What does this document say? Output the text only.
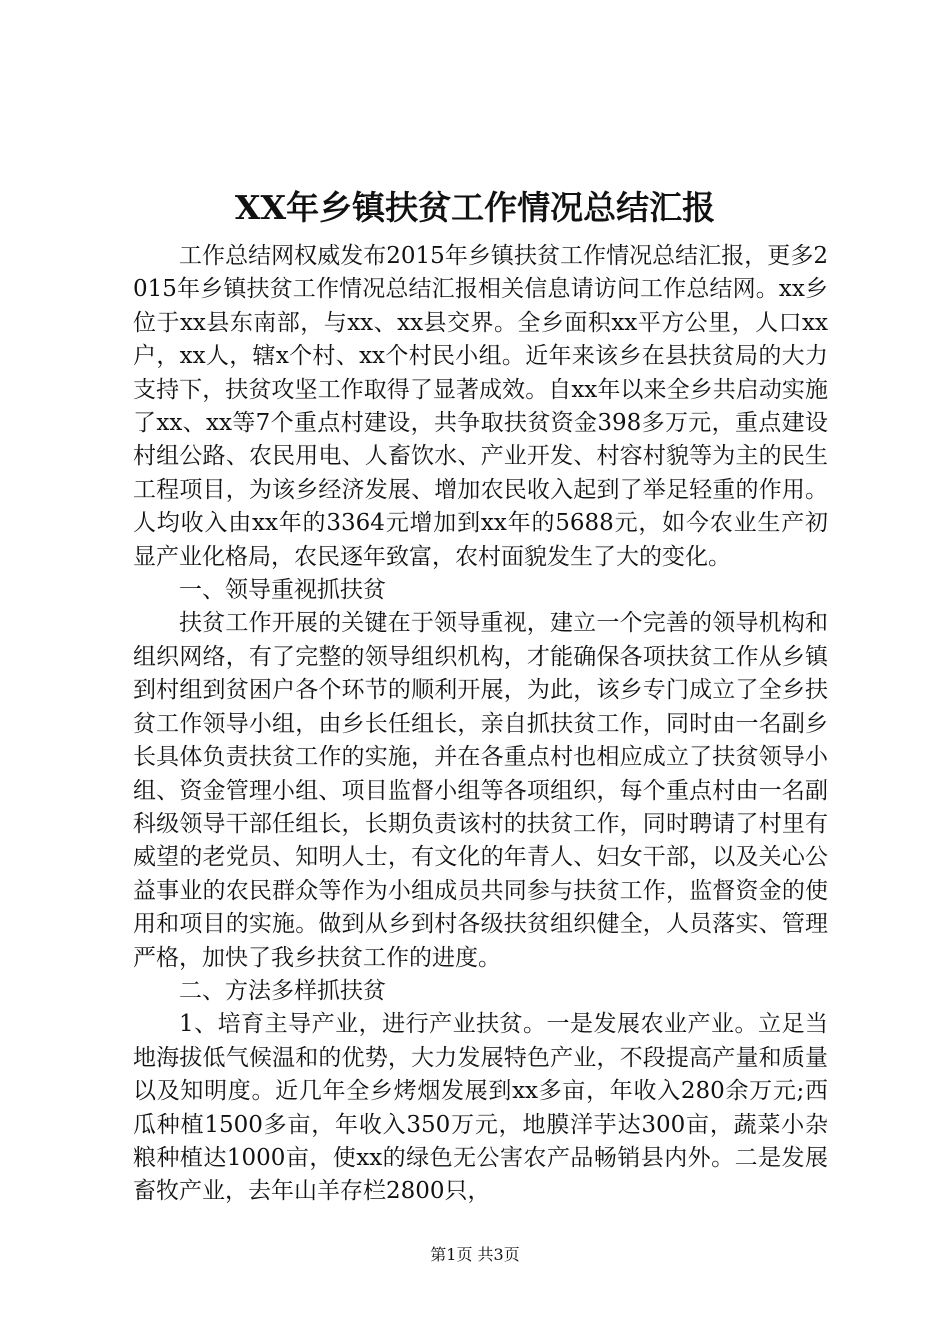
XX年乡镇扶贫工作情况总结汇报

工作总结网权威发布2015年乡镇扶贫工作情况总结汇报，更多2015年乡镇扶贫工作情况总结汇报相关信息请访问工作总结网。xx乡位于xx县东南部，与xx、xx县交界。全乡面积xx平方公里，人口xx户，xx人，辖x个村、xx个村民小组。近年来该乡在县扶贫局的大力支持下，扶贫攻坚工作取得了显著成效。自xx年以来全乡共启动实施了xx、xx等7个重点村建设，共争取扶贫资金398多万元，重点建设村组公路、农民用电、人畜饮水、产业开发、村容村貌等为主的民生工程项目，为该乡经济发展、增加农民收入起到了举足轻重的作用。人均收入由xx年的3364元增加到xx年的5688元，如今农业生产初显产业化格局，农民逐年致富，农村面貌发生了大的变化。

一、领导重视抓扶贫

扶贫工作开展的关键在于领导重视，建立一个完善的领导机构和组织网络，有了完整的领导组织机构，才能确保各项扶贫工作从乡镇到村组到贫困户各个环节的顺利开展，为此，该乡专门成立了全乡扶贫工作领导小组，由乡长任组长，亲自抓扶贫工作，同时由一名副乡长具体负责扶贫工作的实施，并在各重点村也相应成立了扶贫领导小组、资金管理小组、项目监督小组等各项组织，每个重点村由一名副科级领导干部任组长，长期负责该村的扶贫工作，同时聘请了村里有威望的老党员、知明人士，有文化的年青人、妇女干部，以及关心公益事业的农民群众等作为小组成员共同参与扶贫工作，监督资金的使用和项目的实施。做到从乡到村各级扶贫组织健全，人员落实、管理严格，加快了我乡扶贫工作的进度。

二、方法多样抓扶贫

1、培育主导产业，进行产业扶贫。一是发展农业产业。立足当地海拔低气候温和的优势，大力发展特色产业，不段提高产量和质量以及知明度。近几年全乡烤烟发展到xx多亩，年收入280余万元;西瓜种植1500多亩，年收入350万元，地膜洋芋达300亩，蔬菜小杂粮种植达1000亩，使xx的绿色无公害农产品畅销县内外。二是发展畜牧产业，去年山羊存栏2800只，

第1页 共3页
